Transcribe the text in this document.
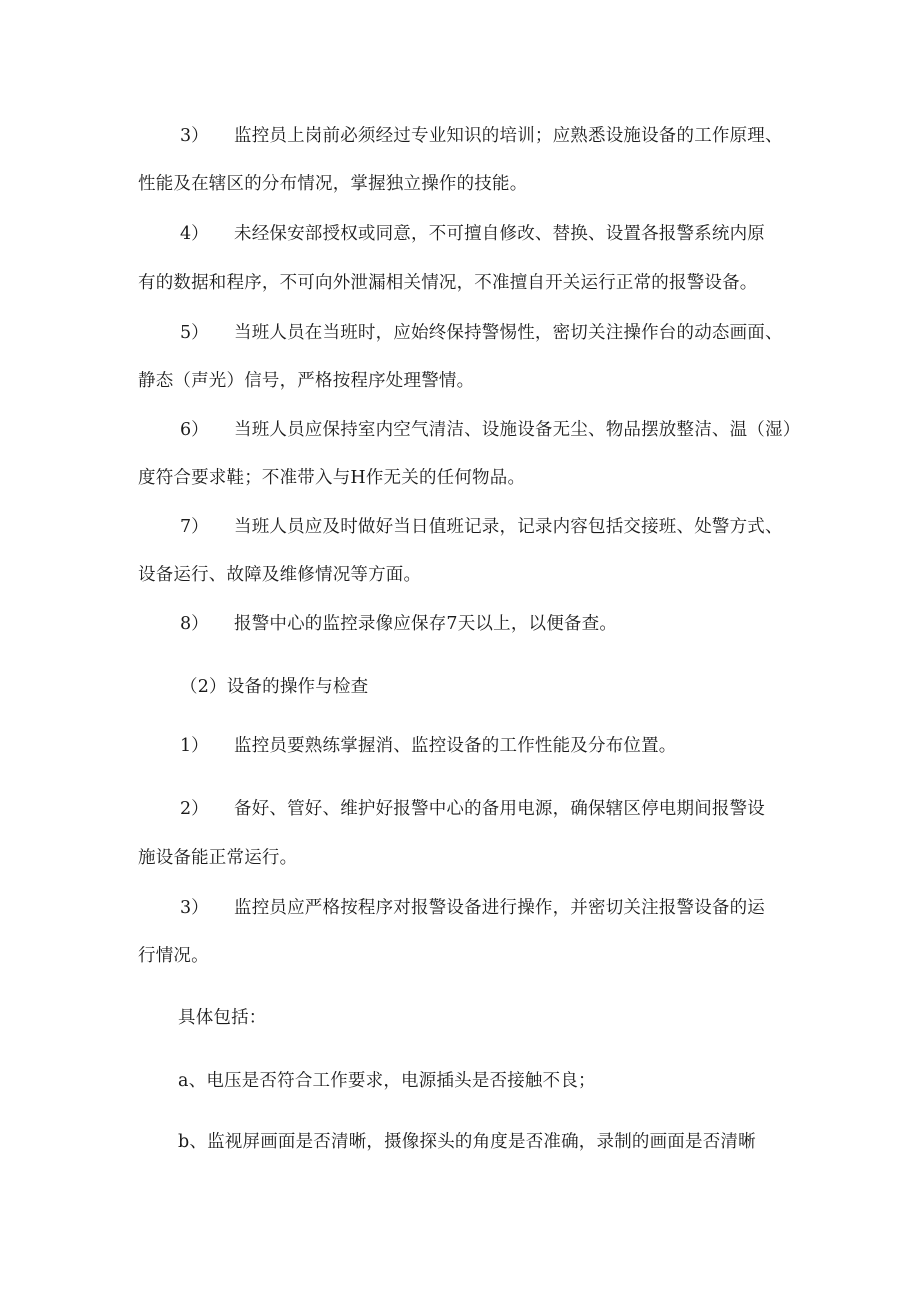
3） 监控员上岗前必须经过专业知识的培训；应熟悉设施设备的工作原理、
性能及在辖区的分布情况，掌握独立操作的技能。
4） 未经保安部授权或同意，不可擅自修改、替换、设置各报警系统内原
有的数据和程序，不可向外泄漏相关情况，不准擅自开关运行正常的报警设备。
5） 当班人员在当班时，应始终保持警惕性，密切关注操作台的动态画面、
静态（声光）信号，严格按程序处理警情。
6） 当班人员应保持室内空气清洁、设施设备无尘、物品摆放整洁、温（湿）
度符合要求鞋；不准带入与H作无关的任何物品。
7） 当班人员应及时做好当日值班记录，记录内容包括交接班、处警方式、
设备运行、故障及维修情况等方面。
8） 报警中心的监控录像应保存7天以上，以便备查。
（2）设备的操作与检查
1） 监控员要熟练掌握消、监控设备的工作性能及分布位置。
2） 备好、管好、维护好报警中心的备用电源，确保辖区停电期间报警设
施设备能正常运行。
3） 监控员应严格按程序对报警设备进行操作，并密切关注报警设备的运
行情况。
具体包括：
a、电压是否符合工作要求，电源插头是否接触不良；
b、监视屏画面是否清晰，摄像探头的角度是否准确，录制的画面是否清晰
